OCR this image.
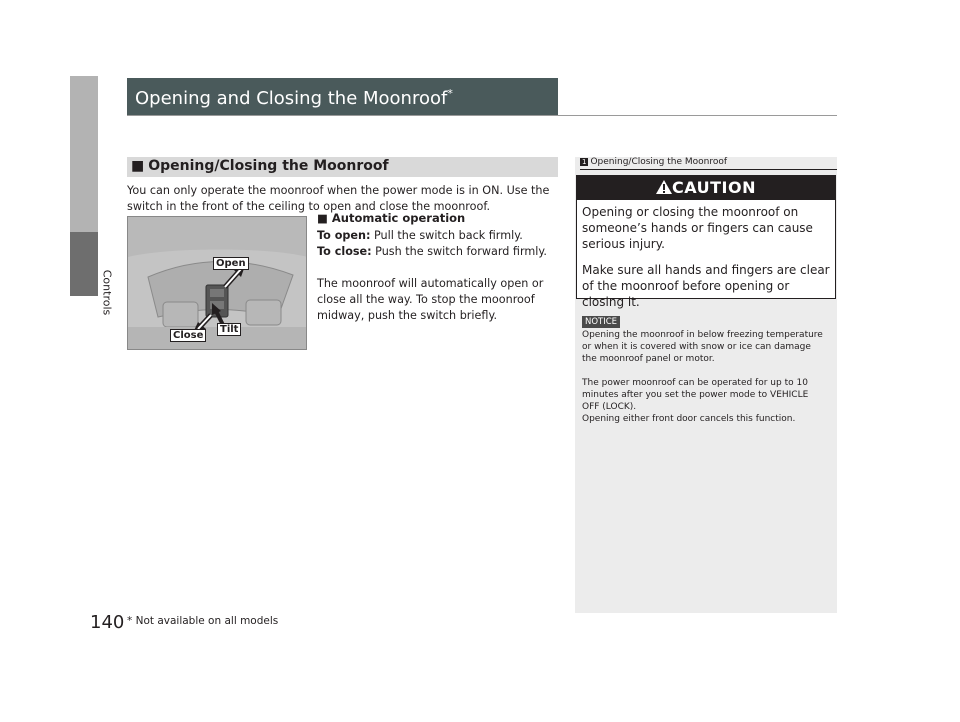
Controls
Opening and Closing the Moonroof*
■ Opening/Closing the Moonroof
You can only operate the moonroof when the power mode is in ON. Use the switch in the front of the ceiling to open and close the moonroof.
Open
Tilt
Close
■ Automatic operation
To open: Pull the switch back firmly.
To close: Push the switch forward firmly.
The moonroof will automatically open or close all the way. To stop the moonroof midway, push the switch briefly.
1 Opening/Closing the Moonroof
CAUTION
Opening or closing the moonroof on someone’s hands or fingers can cause serious injury.
Make sure all hands and fingers are clear of the moonroof before opening or closing it.
NOTICE
Opening the moonroof in below freezing temperature or when it is covered with snow or ice can damage the moonroof panel or motor.
The power moonroof can be operated for up to 10 minutes after you set the power mode to VEHICLE OFF (LOCK).
Opening either front door cancels this function.
140 * Not available on all models
